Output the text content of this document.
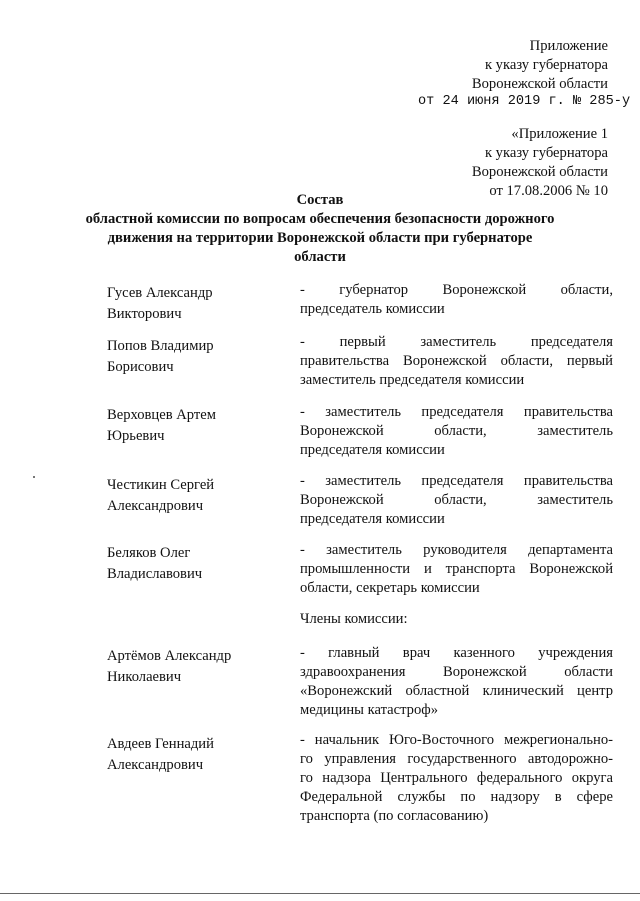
Приложение
к указу губернатора
Воронежской области
от 24 июня 2019 г. № 285-у
«Приложение 1
к указу губернатора
Воронежской области
от 17.08.2006 № 10
Состав
областной комиссии по вопросам обеспечения безопасности дорожного
движения на территории Воронежской области при губернаторе
области
Гусев Александр
Викторович
- губернатор Воронежской области,
председатель комиссии
Попов Владимир
Борисович
- первый заместитель председателя
правительства Воронежской области, первый
заместитель председателя комиссии
Верховцев Артем
Юрьевич
- заместитель председателя правительства
Воронежской области, заместитель
председателя комиссии
Честикин Сергей
Александрович
- заместитель председателя правительства
Воронежской области, заместитель
председателя комиссии
Беляков Олег
Владиславович
- заместитель руководителя департамента
промышленности и транспорта Воронежской
области, секретарь комиссии
Члены комиссии:
Артёмов Александр
Николаевич
- главный врач казенного учреждения
здравоохранения Воронежской области
«Воронежский областной клинический центр
медицины катастроф»
Авдеев Геннадий
Александрович
- начальник Юго-Восточного межрегионально-
го управления государственного автодорожно-
го надзора Центрального федерального округа
Федеральной службы по надзору в сфере
транспорта (по согласованию)
